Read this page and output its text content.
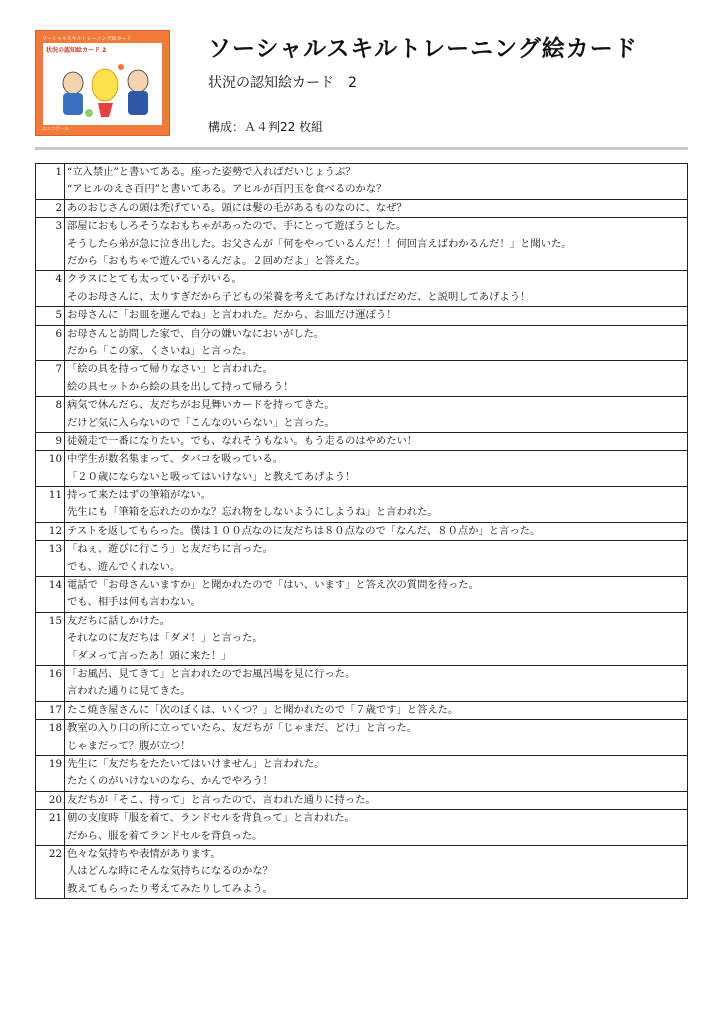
ソーシャルスキルトレーニング絵カード
状況の認知絵カード 2
エスコアール
ソーシャルスキルトレーニング絵カード
状況の認知絵カード　2
構成：Ａ４判22 枚組
1	“立入禁止”と書いてある。座った姿勢で入ればだいじょうぶ？
“アヒルのえさ百円”と書いてある。アヒルが百円玉を食べるのかな？

2	あのおじさんの頭は禿げている。頭には髪の毛があるものなのに、なぜ？

3	部屋におもしろそうなおもちゃがあったので、手にとって遊ぼうとした。
そうしたら弟が急に泣き出した。お父さんが「何をやっているんだ！！何回言えばわかるんだ！」と聞いた。
だから「おもちゃで遊んでいるんだよ。２回めだよ」と答えた。

4	クラスにとても太っている子がいる。
そのお母さんに、太りすぎだから子どもの栄養を考えてあげなければだめだ、と説明してあげよう！

5	お母さんに「お皿を運んでね」と言われた。だから、お皿だけ運ぼう！

6	お母さんと訪問した家で、自分の嫌いなにおいがした。
だから「この家、くさいね」と言った。

7	「絵の具を持って帰りなさい」と言われた。
絵の具セットから絵の具を出して持って帰ろう！

8	病気で休んだら、友だちがお見舞いカードを持ってきた。
だけど気に入らないので「こんなのいらない」と言った。

9	徒競走で一番になりたい。でも、なれそうもない。もう走るのはやめたい！

10	中学生が数名集まって、タバコを吸っている。
「２０歳にならないと吸ってはいけない」と教えてあげよう！

11	持って来たはずの筆箱がない。
先生にも「筆箱を忘れたのかな？忘れ物をしないようにしようね」と言われた。

12	テストを返してもらった。僕は１００点なのに友だちは８０点なので「なんだ、８０点か」と言った。

13	「ねぇ、遊びに行こう」と友だちに言った。
でも、遊んでくれない。

14	電話で「お母さんいますか」と聞かれたので「はい、います」と答え次の質問を待った。
でも、相手は何も言わない。

15	友だちに話しかけた。
それなのに友だちは「ダメ！」と言った。
「ダメって言ったあ！頭に来た！」

16	「お風呂、見てきて」と言われたのでお風呂場を見に行った。
言われた通りに見てきた。

17	たこ焼き屋さんに「次のぼくは、いくつ？」と聞かれたので「７歳です」と答えた。

18	教室の入り口の所に立っていたら、友だちが「じゃまだ、どけ」と言った。
じゃまだって？腹が立つ！

19	先生に「友だちをたたいてはいけません」と言われた。
たたくのがいけないのなら、かんでやろう！

20	友だちが「そこ、持って」と言ったので、言われた通りに持った。

21	朝の支度時「服を着て、ランドセルを背負って」と言われた。
だから、服を着てランドセルを背負った。

22	色々な気持ちや表情があります。
人はどんな時にそんな気持ちになるのかな？
教えてもらったり考えてみたりしてみよう。
